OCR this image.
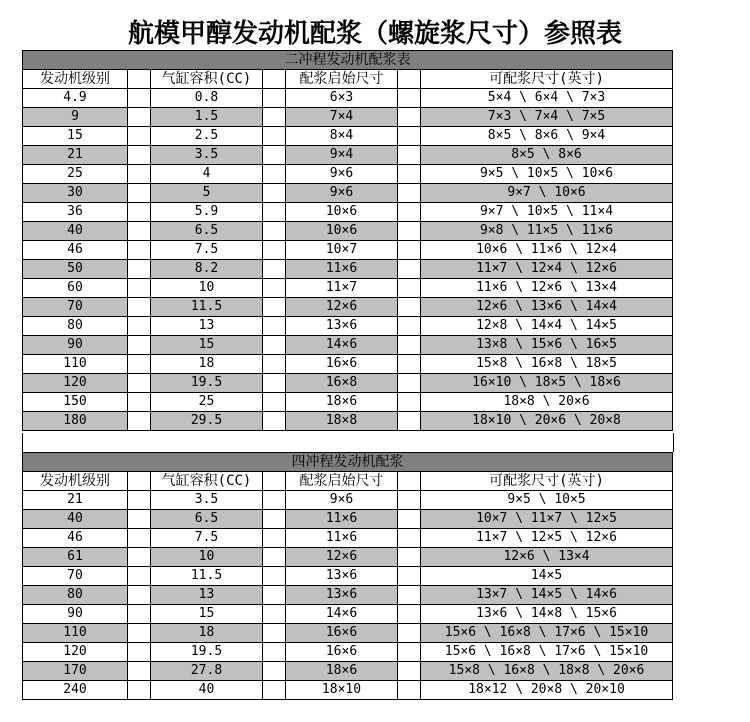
航模甲醇发动机配浆（螺旋浆尺寸）参照表
二冲程发动机配浆表						
发动机级别		气缸容积(CC)		配浆启始尺寸		可配浆尺寸(英寸)
4.9		0.8		6×3		5×4 \ 6×4 \ 7×3
9		1.5		7×4		7×3 \ 7×4 \ 7×5
15		2.5		8×4		8×5 \ 8×6 \ 9×4
21		3.5		9×4		8×5 \ 8×6
25		4		9×6		9×5 \ 10×5 \ 10×6
30		5		9×6		9×7 \ 10×6
36		5.9		10×6		9×7 \ 10×5 \ 11×4
40		6.5		10×6		9×8 \ 11×5 \ 11×6
46		7.5		10×7		10×6 \ 11×6 \ 12×4
50		8.2		11×6		11×7 \ 12×4 \ 12×6
60		10		11×7		11×6 \ 12×6 \ 13×4
70		11.5		12×6		12×6 \ 13×6 \ 14×4
80		13		13×6		12×8 \ 14×4 \ 14×5
90		15		14×6		13×8 \ 15×6 \ 16×5
110		18		16×6		15×8 \ 16×8 \ 18×5
120		19.5		16×8		16×10 \ 18×5 \ 18×6
150		25		18×6		18×8 \ 20×6
180		29.5		18×8		18×10 \ 20×6 \ 20×8
四冲程发动机配浆						
发动机级别		气缸容积(CC)		配浆启始尺寸		可配浆尺寸(英寸)
21		3.5		9×6		9×5 \ 10×5
40		6.5		11×6		10×7 \ 11×7 \ 12×5
46		7.5		11×6		11×7 \ 12×5 \ 12×6
61		10		12×6		12×6 \ 13×4
70		11.5		13×6		14×5
80		13		13×6		13×7 \ 14×5 \ 14×6
90		15		14×6		13×6 \ 14×8 \ 15×6
110		18		16×6		15×6 \ 16×8 \ 17×6 \ 15×10
120		19.5		16×6		15×6 \ 16×8 \ 17×6 \ 15×10
170		27.8		18×6		15×8 \ 16×8 \ 18×8 \ 20×6
240		40		18×10		18×12 \ 20×8 \ 20×10
